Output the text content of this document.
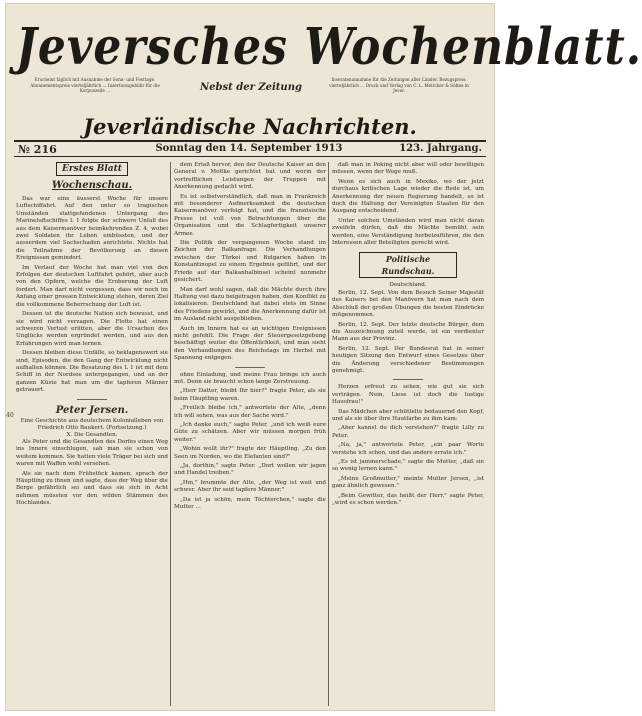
Jeversches Wochenblatt.
Erscheint täglich mit Ausnahme der Sonn- und Festtage. Abonnementspreis vierteljährlich ... Insertionsgebühr für die Korpuszeile ...	Nebst der Zeitung
Inseratenannahme für die Zeitungen aller Länder. Bezugspreis: vierteljährlich ... Druck und Verlag von C. L. Mettcker & Söhne in Jever.
Jeverländische Nachrichten.
№ 216	Sonntag den 14. September 1913	123. Jahrgang.
Erstes Blatt
Wochenschau.

Das war eine äusserst Woche für unsere Luftschiffahrt. Auf den unter so tragischen Umständen stattgefundenen Untergang des Marineluftschiffes L 1 folgte der schwere Unfall des aus dem Kaisermanöver heimkehrenden Z. 4, wobei zwei Soldaten ihr Leben einbüssten, und der ausserdem viel Sachschaden anrichtete. Nichts hat die Teilnahme der Bevölkerung an diesen Ereignissen gemindert.

Im Verlauf der Woche hat man viel von den Erfolgen der deutschen Luftfahrt gehört, aber auch von den Opfern, welche die Eroberung der Luft fordert. Man darf nicht vergessen, dass wir noch im Anfang einer grossen Entwicklung stehen, deren Ziel die vollkommene Beherrschung der Luft ist.

Dessen ist die deutsche Nation sich bewusst, und sie wird nicht verzagen. Die Flotte hat einen schweren Verlust erlitten, aber die Ursachen des Unglücks werden ergründet werden, und aus den Erfahrungen wird man lernen.

Dessen bleiben diese Unfälle, so beklagenswert sie sind, Episoden, die den Gang der Entwicklung nicht aufhalten können. Die Besatzung des L 1 ist mit dem Schiff in der Nordsee untergegangen, und an der ganzen Küste hat man um die tapferen Männer getrauert.

Peter Jersen.
Eine Geschichte aus deutschem Kolonialleben von Friedrich Otto Baukert. (Fortsetzung.)
X. Die Gesandten.

Als Peter und die Gesandten des Dorfes einen Weg ins Innere einschlugen, sah man sie schon von weitem kommen. Sie hatten viele Träger bei sich und waren mit Waffen wohl versehen.

Als sie nach dem Frühstück kamen, sprach der Häuptling zu ihnen und sagte, dass der Weg über die Berge gefährlich sei und dass sie sich in Acht nehmen müssten vor den wilden Stämmen des Hochlandes.

40

dem Erlaß hervor, den der Deutsche Kaiser an den General v. Moltke gerichtet hat und worin der vortrefflichen Leistungen der Truppen mit Anerkennung gedacht wird.

Es ist selbstverständlich, daß man in Frankreich mit besonderer Aufmerksamkeit die deutschen Kaisermanöver verfolgt hat, und die französische Presse ist voll von Betrachtungen über die Organisation und die Schlagfertigkeit unserer Armee.

Die Politik der vergangenen Woche stand im Zeichen der Balkanfrage. Die Verhandlungen zwischen der Türkei und Bulgarien haben in Konstantinopel zu einem Ergebnis geführt, und der Friede auf der Balkanhalbinsel scheint nunmehr gesichert.

Man darf wohl sagen, daß die Mächte durch ihre Haltung viel dazu beigetragen haben, den Konflikt zu lokalisieren. Deutschland hat dabei stets im Sinne des Friedens gewirkt, und die Anerkennung dafür ist im Ausland nicht ausgeblieben.

Auch im Innern hat es an wichtigen Ereignissen nicht gefehlt. Die Frage der Steuergesetzgebung beschäftigt weiter die Öffentlichkeit, und man sieht den Verhandlungen des Reichstags im Herbst mit Spannung entgegen.

ohne Einladung, und meine Frau bringe ich auch mit. Denn sie braucht schon lange Zerstreuung.

„Herr Datter, bleibt Ihr hier?" fragte Peter, als sie beim Häuptling waren.

„Freilich bleibe ich," antwortete der Alte, „denn ich will sehen, was aus der Sache wird."

„Ich danke euch," sagte Peter, „und ich weiß eure Güte zu schätzen. Aber wir müssen morgen früh weiter."

„Wohin wollt ihr?" fragte der Häuptling. „Zu den Seen im Norden, wo die Elefanten sind?"

„Ja, dorthin," sagte Peter. „Dort wollen wir jagen und Handel treiben."

„Hm," brummte der Alte, „der Weg ist weit und schwer. Aber ihr seid tapfere Männer."

„Da ist ja schön, mein Töchterchen," sagte die Mutter ...

daß man in Peking nicht aber will oder bewilligen müssen, wenn der Wege muß.

Wenn es sich auch in Mexiko, wo der jetzt durchaus kritischen Lage wieder die Rede ist, um Anerkennung der neuen Regierung handelt, so ist doch die Haltung der Vereinigten Staaten für den Ausgang entscheidend.

Unter solchen Umständen wird man nicht daran zweifeln dürfen, daß die Mächte bemüht sein werden, eine Verständigung herbeizuführen, die den Interessen aller Beteiligten gerecht wird.

Politische Rundschau.
Deutschland.

Berlin, 12. Sept. Von dem Besuch Seiner Majestät des Kaisers bei den Manövern hat man nach dem Abschluß der großen Übungen die besten Eindrücke mitgenommen.

Berlin, 12. Sept. Der letzte deutsche Bürger, dem die Auszeichnung zuteil wurde, ist ein verdienter Mann aus der Provinz.

Berlin, 12. Sept. Der Bundesrat hat in seiner heutigen Sitzung den Entwurf eines Gesetzes über die Änderung verschiedener Bestimmungen genehmigt.

Herzen erfreut zu sehen, wie gut sie sich verträgen. Nein, Liese ist doch die lustige Hausfrau!"

Das Mädchen aber schüttelte bedauernd den Kopf, und als sie über ihre Hautfarbe zu ihm kam:

„Aber kannst du dich verstehen?" fragte Lilly zu Peter.

„Na, ja," antwortete Peter, „ein paar Worte verstehe ich schon, und das andere errate ich."

„Es ist jammerschade," sagte die Mutter, „daß sie so wenig lernen kann."

„Meine Großmutter," meinte Mutter Jersen, „ist ganz ähnlich gewesen."

„Beim Gewitter, das heißt der Herr," sagte Peter, „wird es schon werden."
